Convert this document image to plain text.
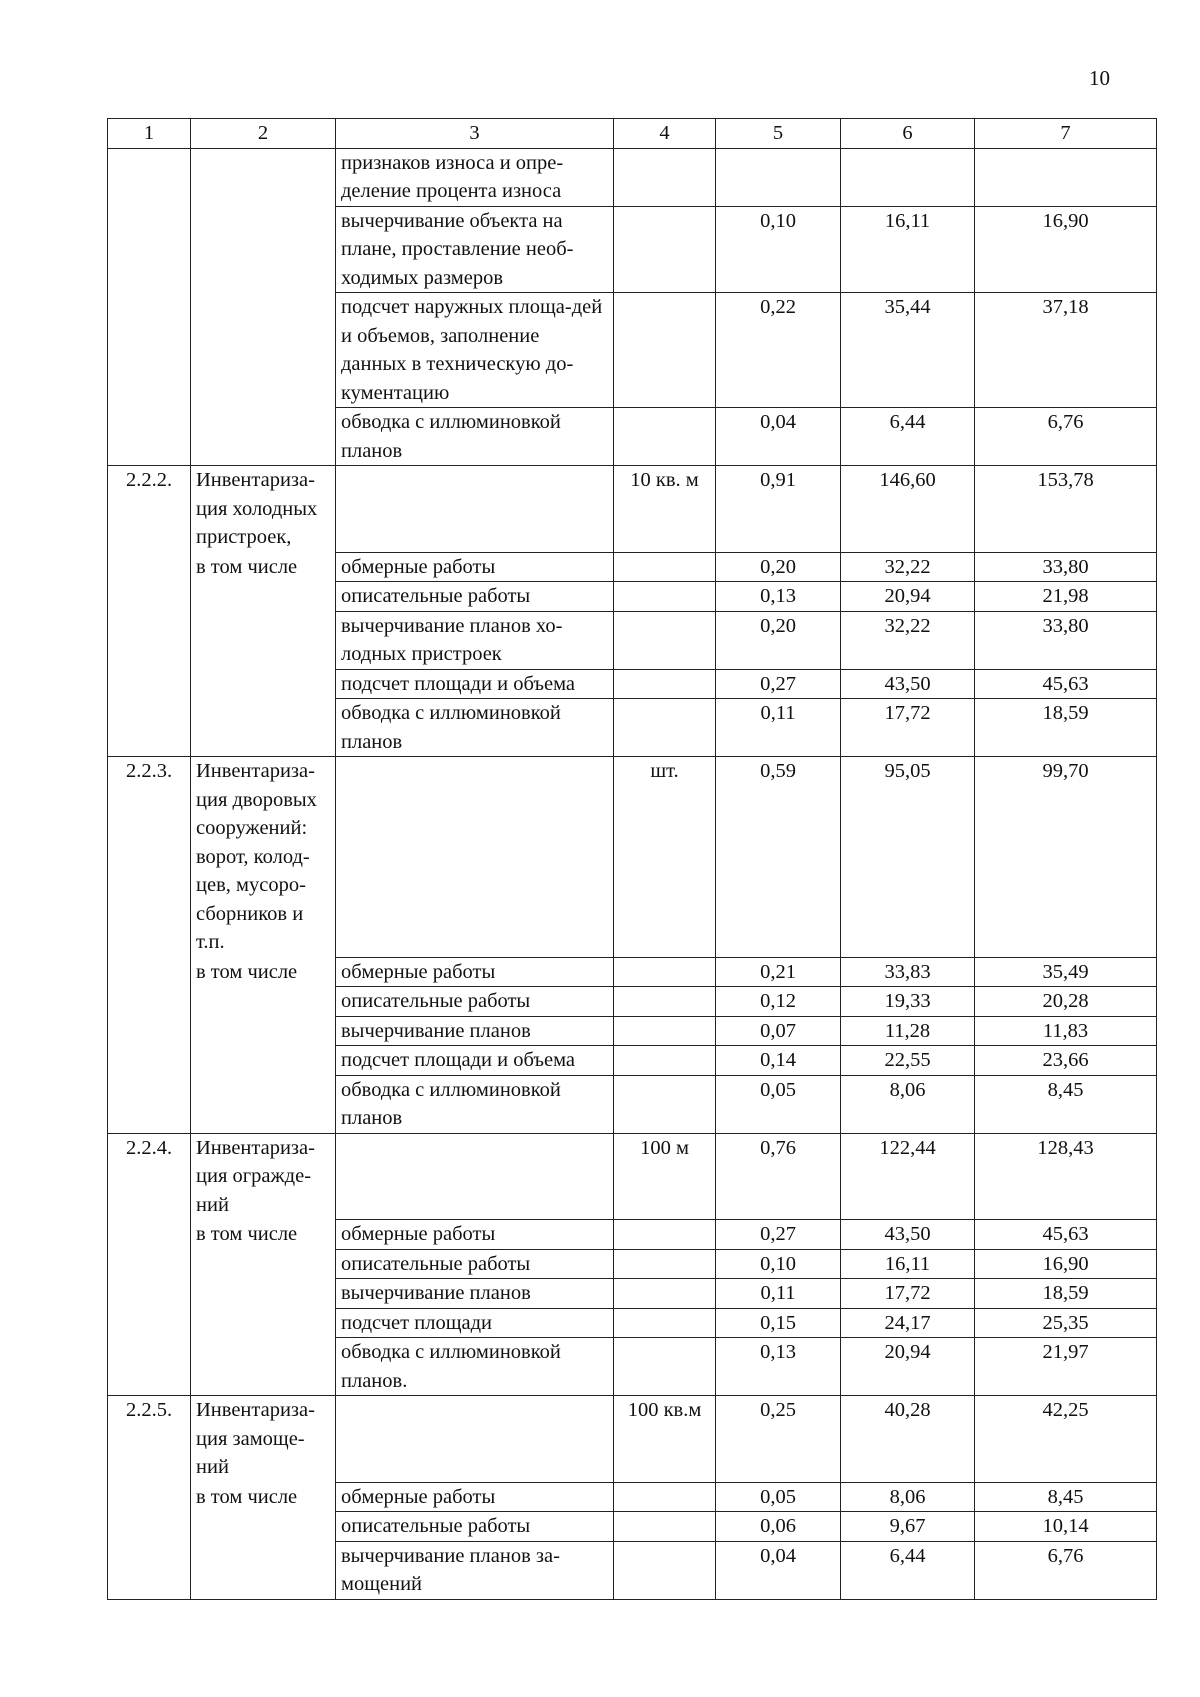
10
1	2	3	4	5	6	7
		признаков износа и опре-деление процента износа				
		вычерчивание объекта на плане, проставление необ-ходимых размеров		0,10	16,11	16,90
		подсчет наружных площа-дей и объемов, заполнение данных в техническую до-кументацию		0,22	35,44	37,18
		обводка с иллюминовкой планов		0,04	6,44	6,76
2.2.2.	Инвентариза-ция холодных пристроек,		10 кв. м	0,91	146,60	153,78
	в том числе	обмерные работы		0,20	32,22	33,80
		описательные работы		0,13	20,94	21,98
		вычерчивание планов хо-лодных пристроек		0,20	32,22	33,80
		подсчет площади и объема		0,27	43,50	45,63
		обводка с иллюминовкой планов		0,11	17,72	18,59
2.2.3.	Инвентариза-ция дворовых сооружений: ворот, колод-цев, мусоро-сборников и т.п.		шт.	0,59	95,05	99,70
	в том числе	обмерные работы		0,21	33,83	35,49
		описательные работы		0,12	19,33	20,28
		вычерчивание планов		0,07	11,28	11,83
		подсчет площади и объема		0,14	22,55	23,66
		обводка с иллюминовкой планов		0,05	8,06	8,45
2.2.4.	Инвентариза-ция огражде-ний		100 м	0,76	122,44	128,43
	в том числе	обмерные работы		0,27	43,50	45,63
		описательные работы		0,10	16,11	16,90
		вычерчивание планов		0,11	17,72	18,59
		подсчет площади		0,15	24,17	25,35
		обводка с иллюминовкой планов.		0,13	20,94	21,97
2.2.5.	Инвентариза-ция замоще-ний		100 кв.м	0,25	40,28	42,25
	в том числе	обмерные работы		0,05	8,06	8,45
		описательные работы		0,06	9,67	10,14
		вычерчивание планов за-мощений		0,04	6,44	6,76
